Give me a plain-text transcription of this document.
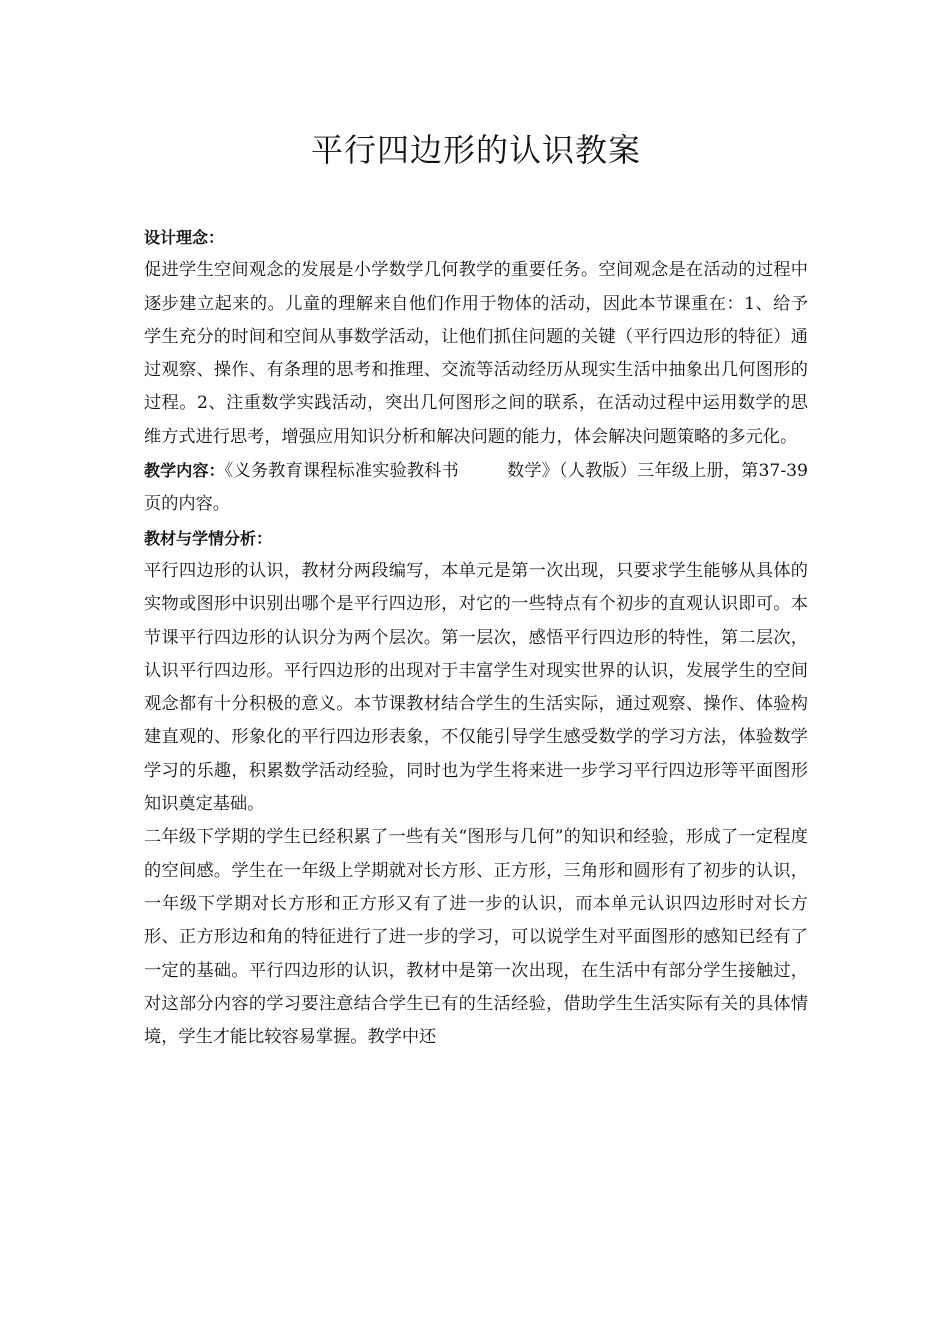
平行四边形的认识教案

设计理念：

促进学生空间观念的发展是小学数学几何教学的重要任务。空间观念是在活动的过程中逐步建立起来的。儿童的理解来自他们作用于物体的活动，因此本节课重在：1、给予学生充分的时间和空间从事数学活动，让他们抓住问题的关键（平行四边形的特征）通过观察、操作、有条理的思考和推理、交流等活动经历从现实生活中抽象出几何图形的过程。2、注重数学实践活动，突出几何图形之间的联系，在活动过程中运用数学的思维方式进行思考，增强应用知识分析和解决问题的能力，体会解决问题策略的多元化。

教学内容：《义务教育课程标准实验教科书	数学》（人教版）三年级上册，第37-39页的内容。

教材与学情分析：

平行四边形的认识，教材分两段编写，本单元是第一次出现，只要求学生能够从具体的实物或图形中识别出哪个是平行四边形，对它的一些特点有个初步的直观认识即可。本节课平行四边形的认识分为两个层次。第一层次，感悟平行四边形的特性，第二层次，认识平行四边形。平行四边形的出现对于丰富学生对现实世界的认识，发展学生的空间观念都有十分积极的意义。本节课教材结合学生的生活实际，通过观察、操作、体验构建直观的、形象化的平行四边形表象，不仅能引导学生感受数学的学习方法，体验数学学习的乐趣，积累数学活动经验，同时也为学生将来进一步学习平行四边形等平面图形知识奠定基础。

二年级下学期的学生已经积累了一些有关“图形与几何”的知识和经验，形成了一定程度的空间感。学生在一年级上学期就对长方形、正方形，三角形和圆形有了初步的认识，一年级下学期对长方形和正方形又有了进一步的认识，而本单元认识四边形时对长方形、正方形边和角的特征进行了进一步的学习，可以说学生对平面图形的感知已经有了一定的基础。平行四边形的认识，教材中是第一次出现，在生活中有部分学生接触过，对这部分内容的学习要注意结合学生已有的生活经验，借助学生生活实际有关的具体情境，学生才能比较容易掌握。教学中还
